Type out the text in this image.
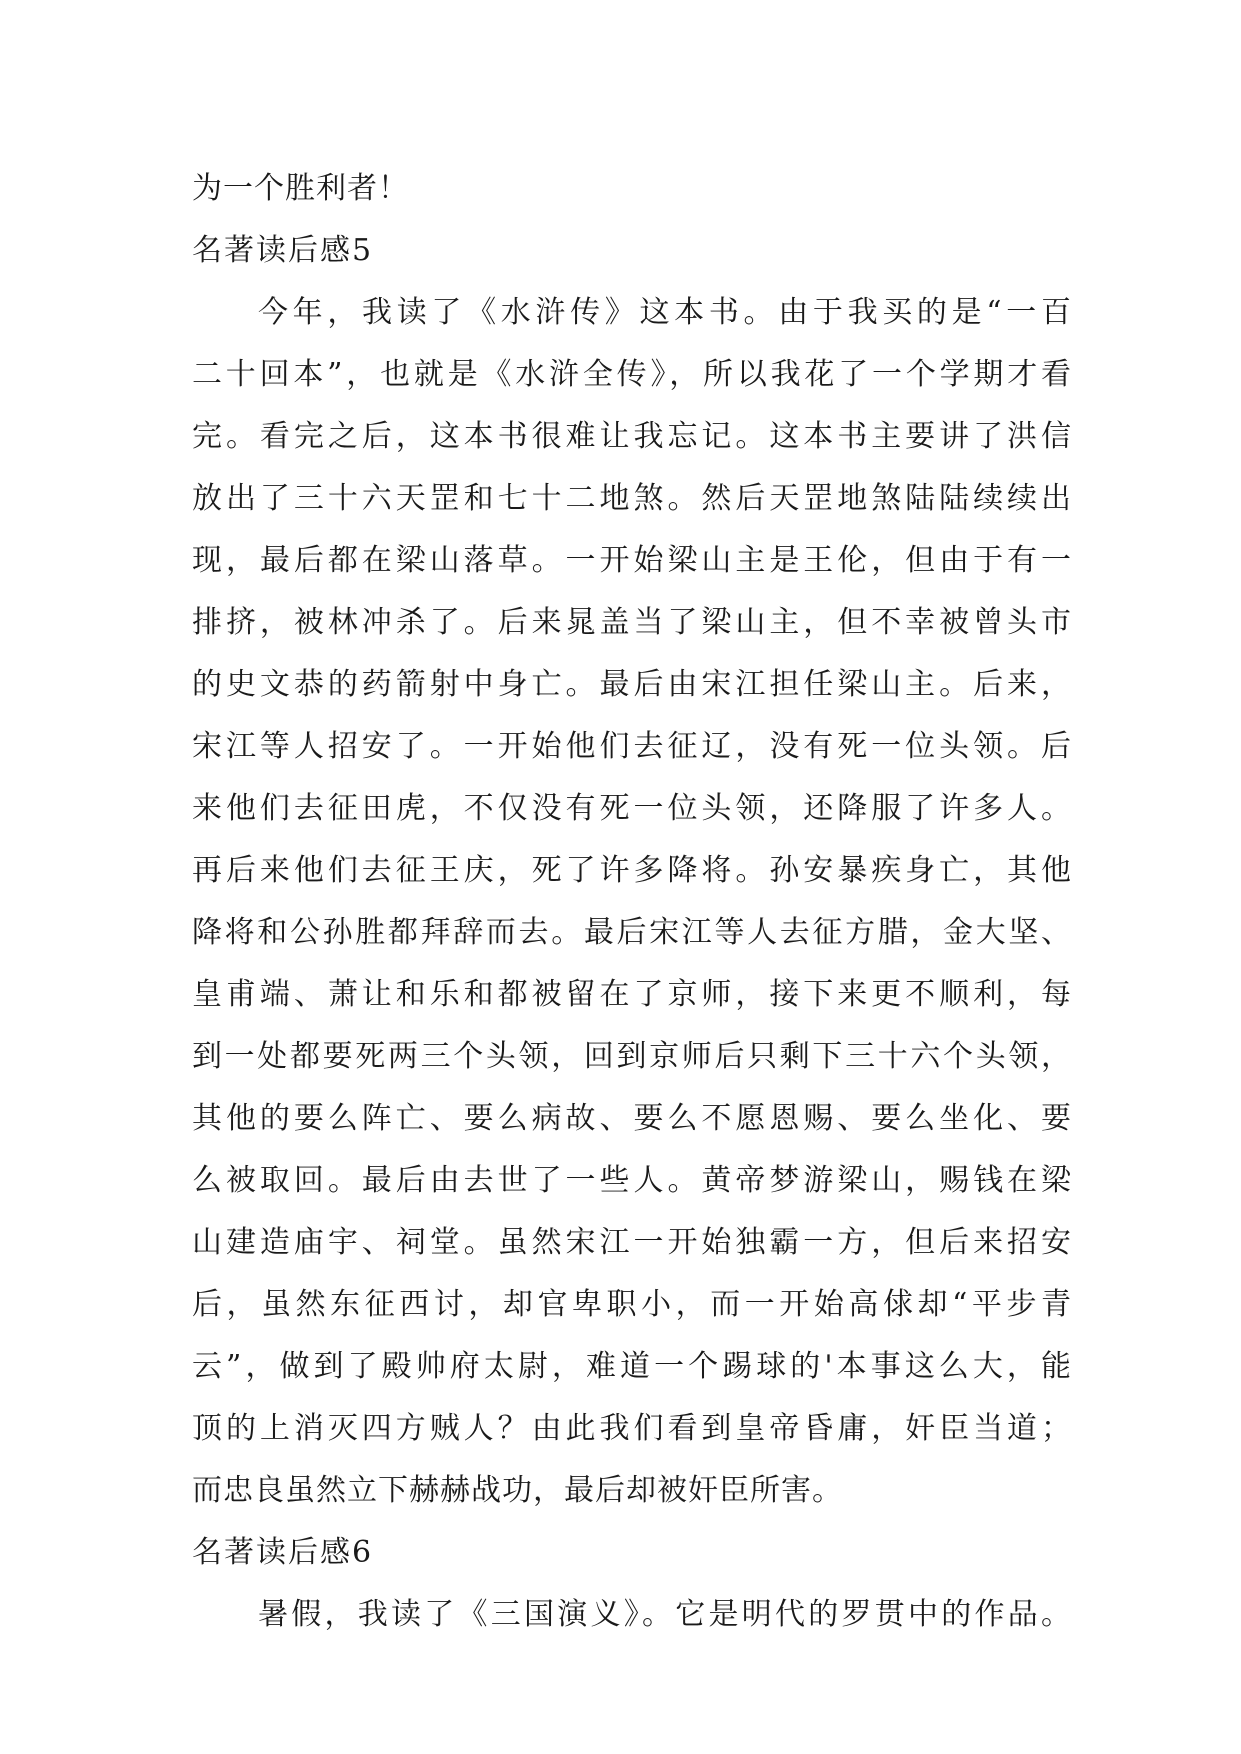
为一个胜利者！
名著读后感5
今年，我读了《水浒传》这本书。由于我买的是“一百
二十回本”，也就是《水浒全传》，所以我花了一个学期才看
完。看完之后，这本书很难让我忘记。这本书主要讲了洪信
放出了三十六天罡和七十二地煞。然后天罡地煞陆陆续续出
现，最后都在梁山落草。一开始梁山主是王伦，但由于有一
排挤，被林冲杀了。后来晁盖当了梁山主，但不幸被曾头市
的史文恭的药箭射中身亡。最后由宋江担任梁山主。后来，
宋江等人招安了。一开始他们去征辽，没有死一位头领。后
来他们去征田虎，不仅没有死一位头领，还降服了许多人。
再后来他们去征王庆，死了许多降将。孙安暴疾身亡，其他
降将和公孙胜都拜辞而去。最后宋江等人去征方腊，金大坚、
皇甫端、萧让和乐和都被留在了京师，接下来更不顺利，每
到一处都要死两三个头领，回到京师后只剩下三十六个头领，
其他的要么阵亡、要么病故、要么不愿恩赐、要么坐化、要
么被取回。最后由去世了一些人。黄帝梦游梁山，赐钱在梁
山建造庙宇、祠堂。虽然宋江一开始独霸一方，但后来招安
后，虽然东征西讨，却官卑职小，而一开始高俅却“平步青
云”，做到了殿帅府太尉，难道一个踢球的'本事这么大，能
顶的上消灭四方贼人？由此我们看到皇帝昏庸，奸臣当道；
而忠良虽然立下赫赫战功，最后却被奸臣所害。
名著读后感6
暑假，我读了《三国演义》。它是明代的罗贯中的作品。
